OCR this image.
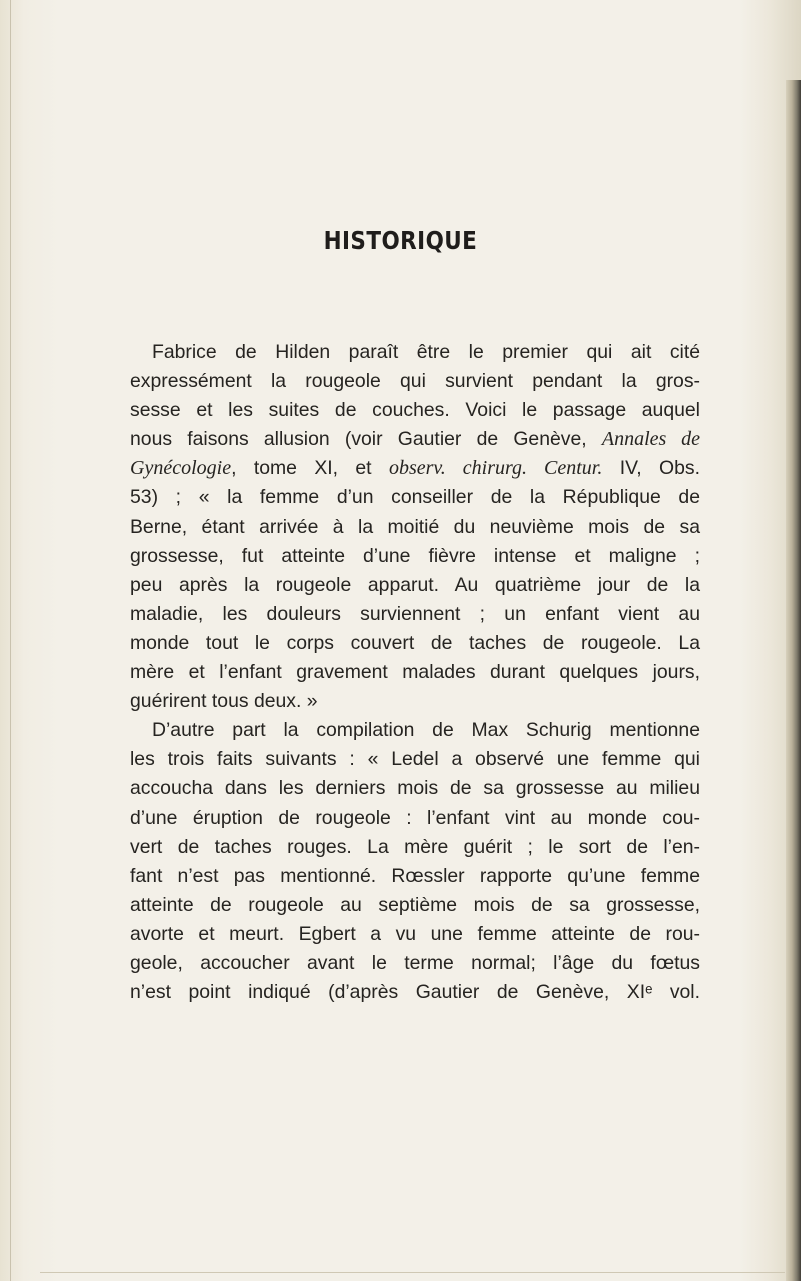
HISTORIQUE
Fabrice de Hilden paraît être le premier qui ait cité
expressément la rougeole qui survient pendant la gros-
sesse et les suites de couches. Voici le passage auquel
nous faisons allusion (voir Gautier de Genève, Annales de
Gynécologie, tome XI, et observ. chirurg. Centur. IV, Obs.
53) ; « la femme d’un conseiller de la République de
Berne, étant arrivée à la moitié du neuvième mois de sa
grossesse, fut atteinte d’une fièvre intense et maligne ;
peu après la rougeole apparut. Au quatrième jour de la
maladie, les douleurs surviennent ; un enfant vient au
monde tout le corps couvert de taches de rougeole. La
mère et l’enfant gravement malades durant quelques jours,
guérirent tous deux. »
D’autre part la compilation de Max Schurig mentionne
les trois faits suivants : « Ledel a observé une femme qui
accoucha dans les derniers mois de sa grossesse au milieu
d’une éruption de rougeole : l’enfant vint au monde cou-
vert de taches rouges. La mère guérit ; le sort de l’en-
fant n’est pas mentionné. Rœssler rapporte qu’une femme
atteinte de rougeole au septième mois de sa grossesse,
avorte et meurt. Egbert a vu une femme atteinte de rou-
geole, accoucher avant le terme normal; l’âge du fœtus
n’est point indiqué (d’après Gautier de Genève, XIᵉ vol.
